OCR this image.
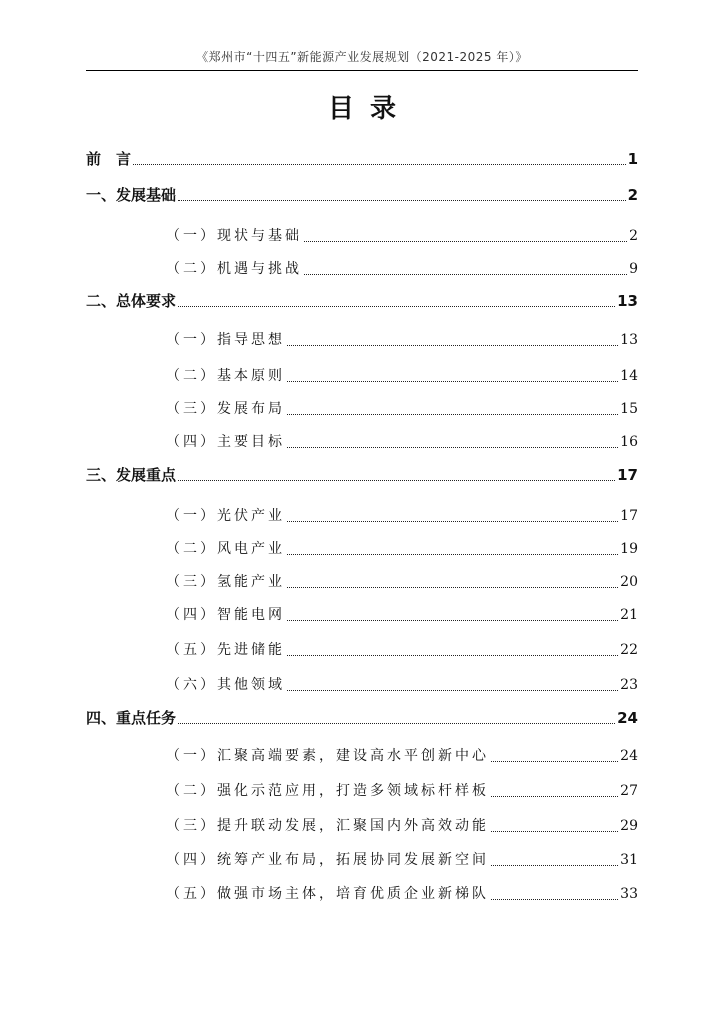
《郑州市“十四五”新能源产业发展规划（2021-2025 年）》
目录
前　言	1
一、发展基础	2
（一）现状与基础	2
（二）机遇与挑战	9
二、总体要求	13
（一）指导思想	13
（二）基本原则	14
（三）发展布局	15
（四）主要目标	16
三、发展重点	17
（一）光伏产业	17
（二）风电产业	19
（三）氢能产业	20
（四）智能电网	21
（五）先进储能	22
（六）其他领域	23
四、重点任务	24
（一）汇聚高端要素，建设高水平创新中心	24
（二）强化示范应用，打造多领域标杆样板	27
（三）提升联动发展，汇聚国内外高效动能	29
（四）统筹产业布局，拓展协同发展新空间	31
（五）做强市场主体，培育优质企业新梯队	33
